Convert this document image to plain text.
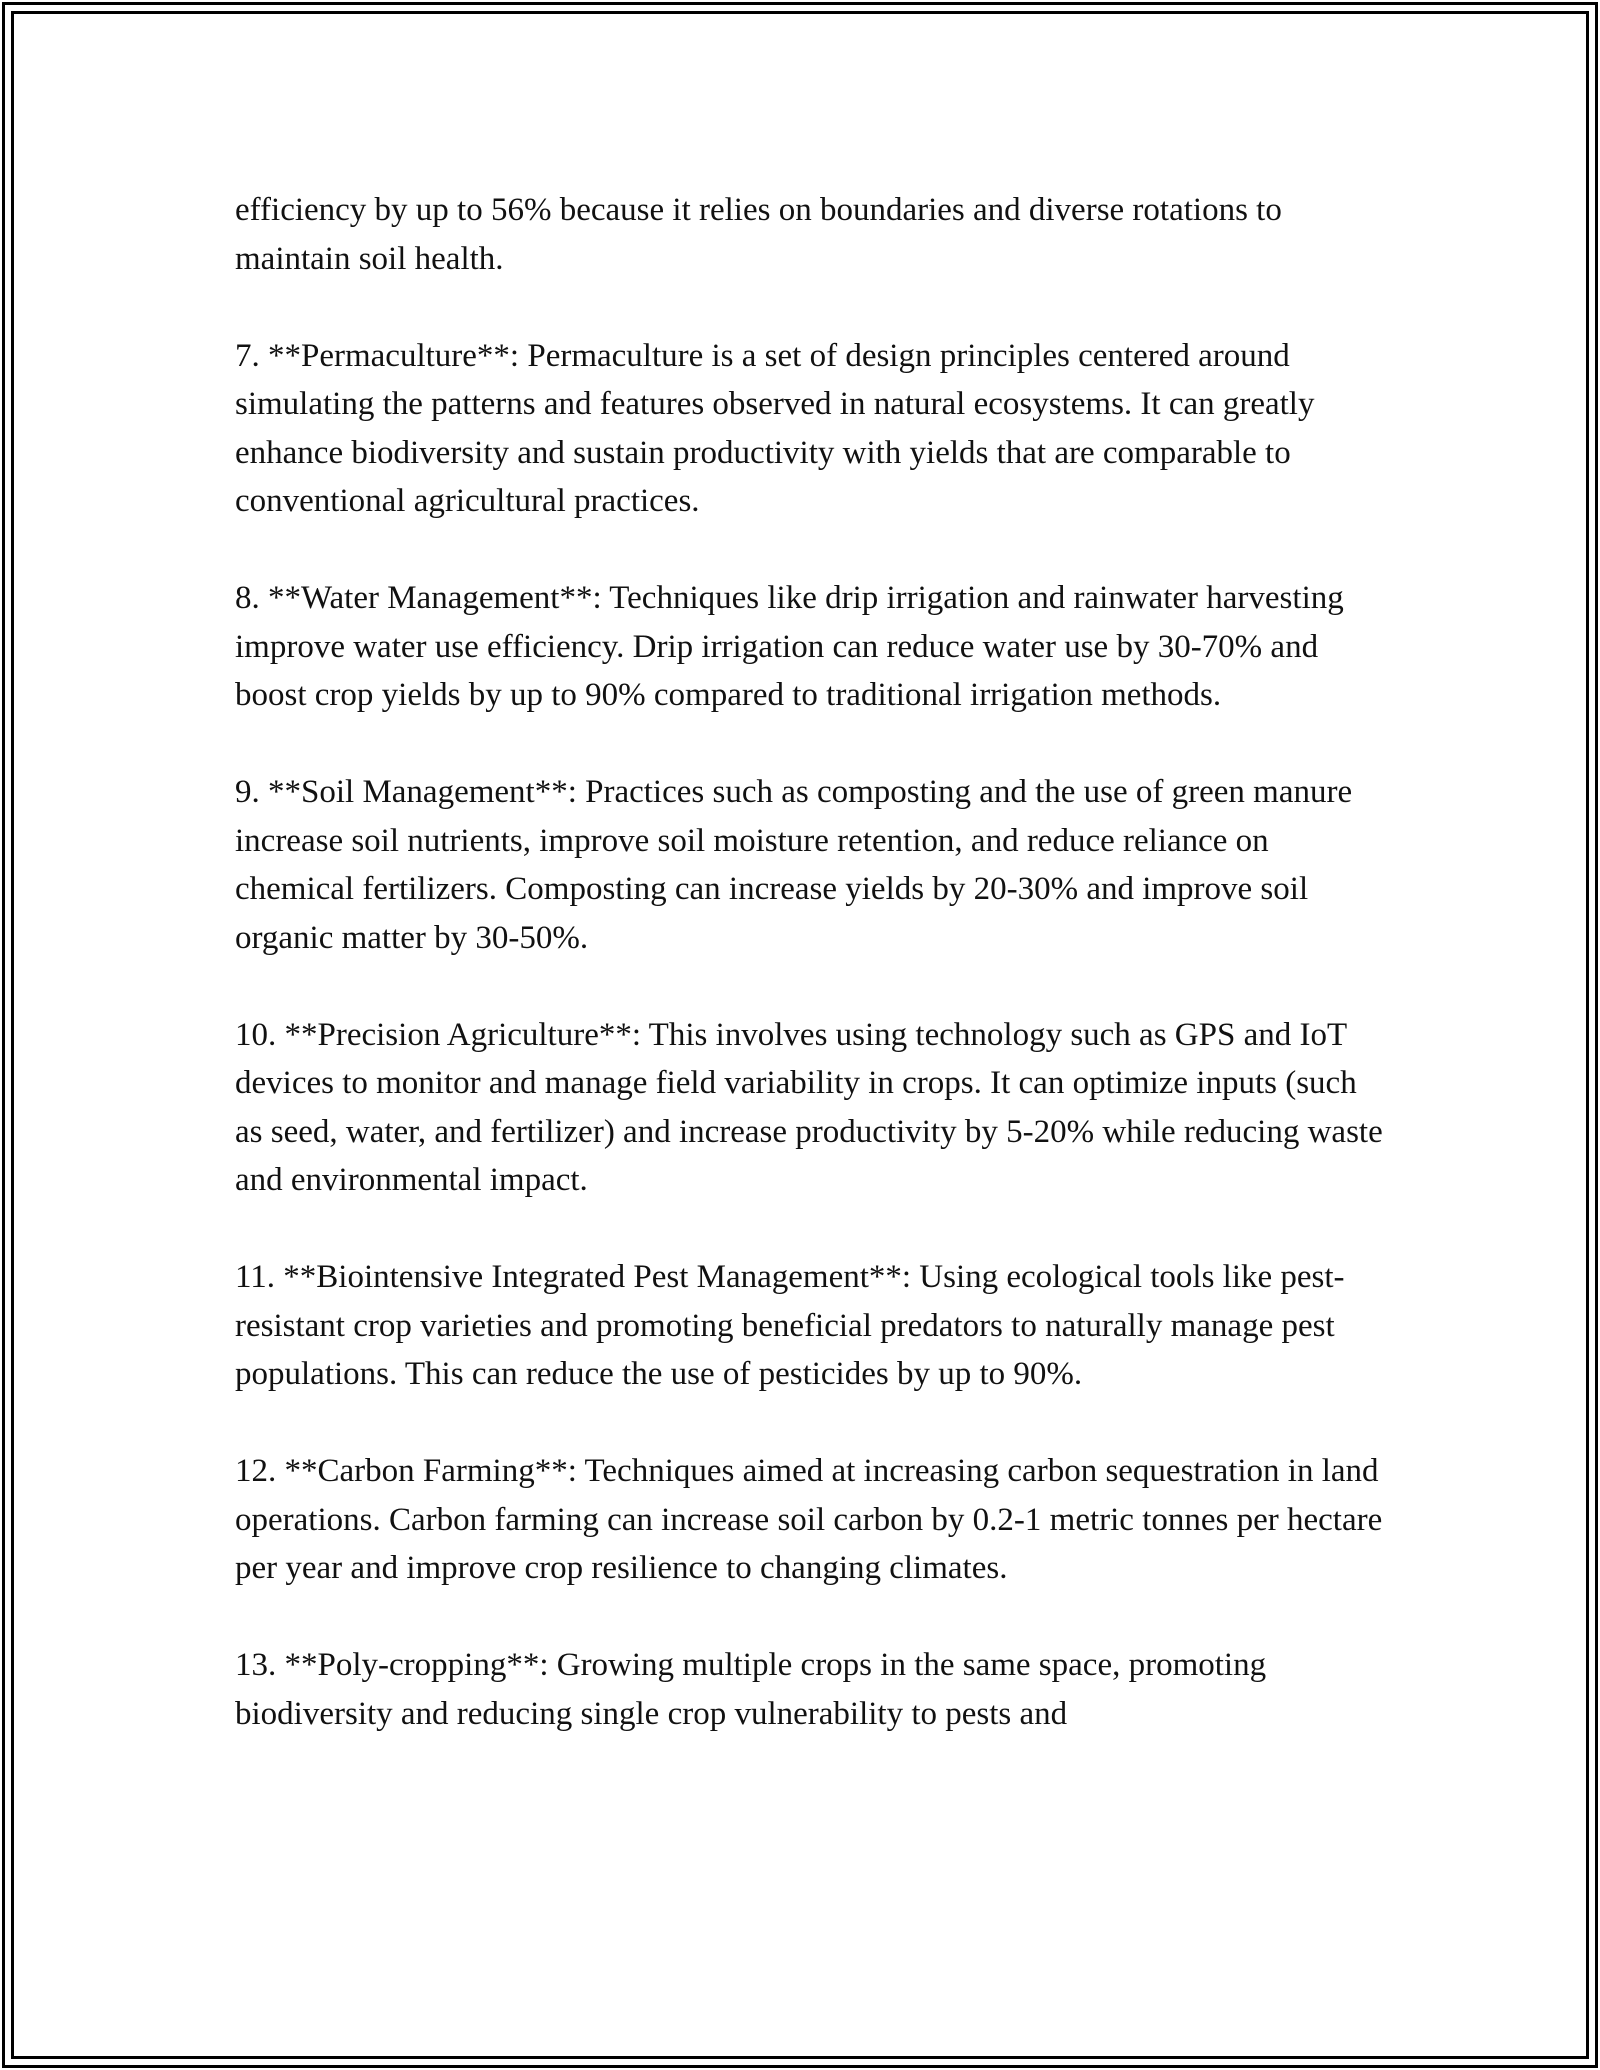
efficiency by up to 56% because it relies on boundaries and diverse rotations to maintain soil health.

7. **Permaculture**: Permaculture is a set of design principles centered around simulating the patterns and features observed in natural ecosystems. It can greatly enhance biodiversity and sustain productivity with yields that are comparable to conventional agricultural practices.

8. **Water Management**: Techniques like drip irrigation and rainwater harvesting improve water use efficiency. Drip irrigation can reduce water use by 30-70% and boost crop yields by up to 90% compared to traditional irrigation methods.

9. **Soil Management**: Practices such as composting and the use of green manure increase soil nutrients, improve soil moisture retention, and reduce reliance on chemical fertilizers. Composting can increase yields by 20-30% and improve soil organic matter by 30-50%.

10. **Precision Agriculture**: This involves using technology such as GPS and IoT devices to monitor and manage field variability in crops. It can optimize inputs (such as seed, water, and fertilizer) and increase productivity by 5-20% while reducing waste and environmental impact.

11. **Biointensive Integrated Pest Management**: Using ecological tools like pest-resistant crop varieties and promoting beneficial predators to naturally manage pest populations. This can reduce the use of pesticides by up to 90%.

12. **Carbon Farming**: Techniques aimed at increasing carbon sequestration in land operations. Carbon farming can increase soil carbon by 0.2-1 metric tonnes per hectare per year and improve crop resilience to changing climates.

13. **Poly-cropping**: Growing multiple crops in the same space, promoting biodiversity and reducing single crop vulnerability to pests and
